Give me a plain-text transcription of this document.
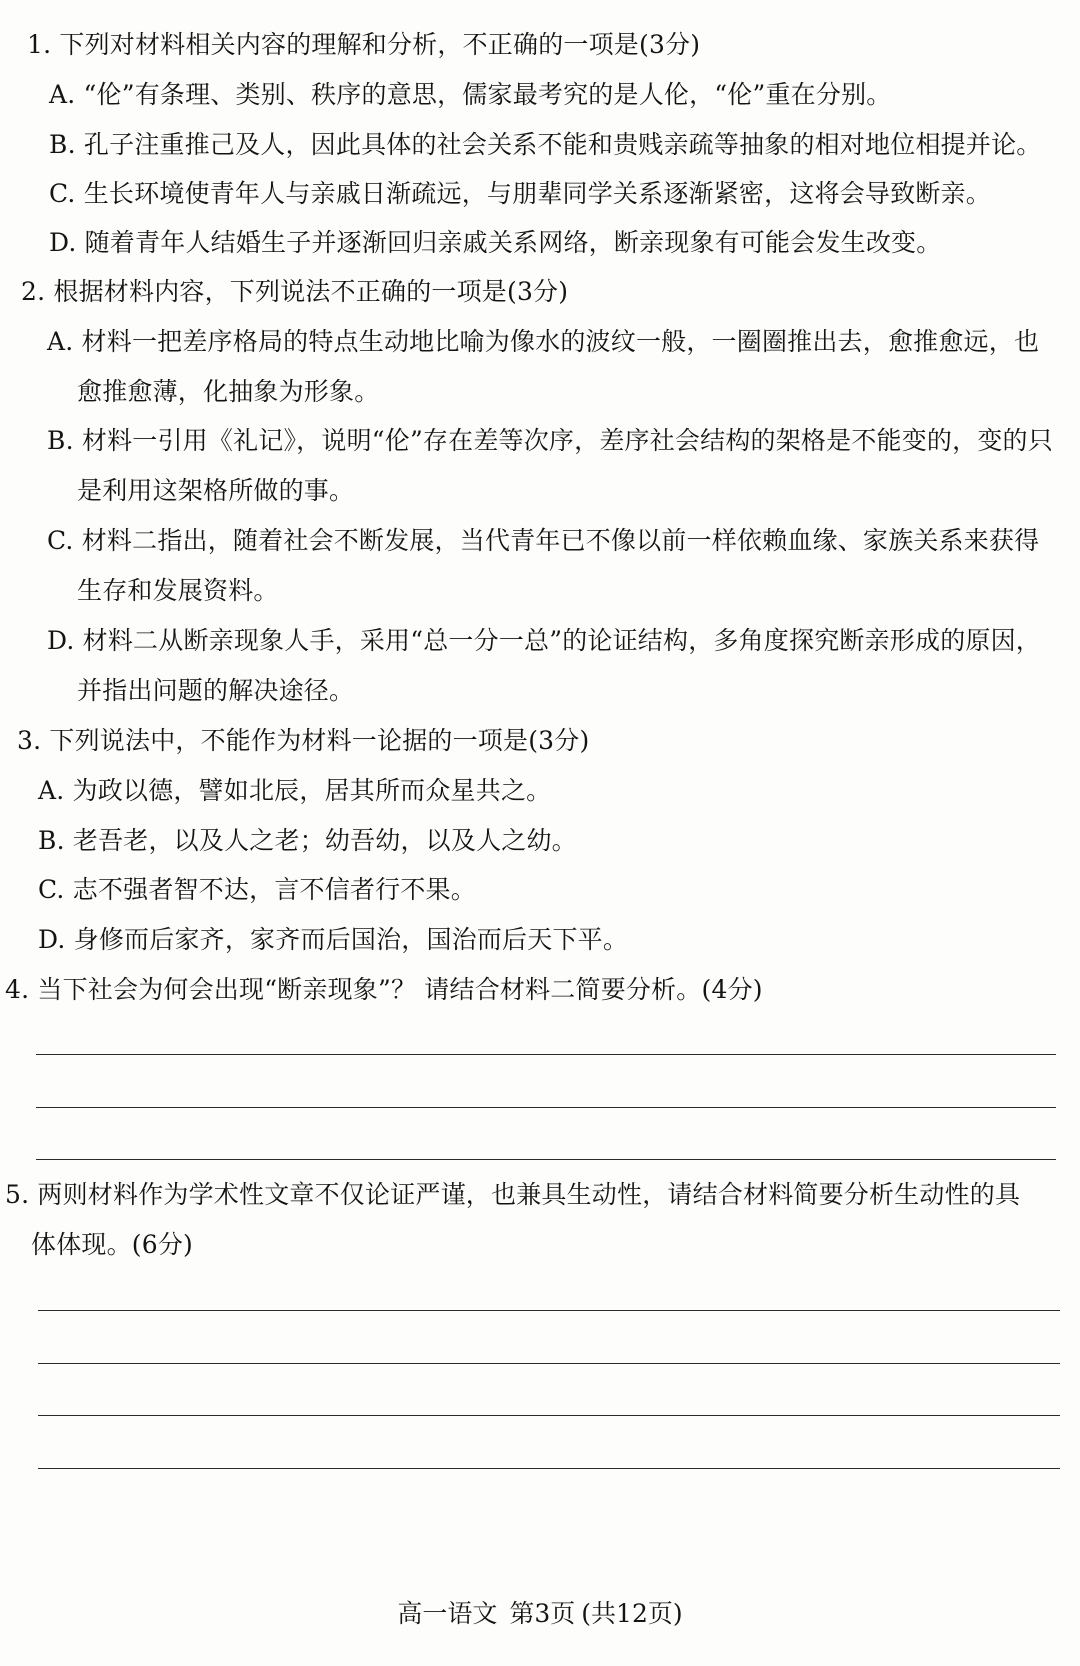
1. 下列对材料相关内容的理解和分析，不正确的一项是(3分)
A. “伦”有条理、类别、秩序的意思，儒家最考究的是人伦，“伦”重在分别。
B. 孔子注重推己及人，因此具体的社会关系不能和贵贱亲疏等抽象的相对地位相提并论。
C. 生长环境使青年人与亲戚日渐疏远，与朋辈同学关系逐渐紧密，这将会导致断亲。
D. 随着青年人结婚生子并逐渐回归亲戚关系网络，断亲现象有可能会发生改变。
2. 根据材料内容，下列说法不正确的一项是(3分)
A. 材料一把差序格局的特点生动地比喻为像水的波纹一般，一圈圈推出去，愈推愈远，也
愈推愈薄，化抽象为形象。
B. 材料一引用《礼记》，说明“伦”存在差等次序，差序社会结构的架格是不能变的，变的只
是利用这架格所做的事。
C. 材料二指出，随着社会不断发展，当代青年已不像以前一样依赖血缘、家族关系来获得
生存和发展资料。
D. 材料二从断亲现象人手，采用“总一分一总”的论证结构，多角度探究断亲形成的原因，
并指出问题的解决途径。
3. 下列说法中，不能作为材料一论据的一项是(3分)
A. 为政以德，譬如北辰，居其所而众星共之。
B. 老吾老，以及人之老；幼吾幼，以及人之幼。
C. 志不强者智不达，言不信者行不果。
D. 身修而后家齐，家齐而后国治，国治而后天下平。
4. 当下社会为何会出现“断亲现象”？ 请结合材料二简要分析。(4分)
5. 两则材料作为学术性文章不仅论证严谨，也兼具生动性，请结合材料简要分析生动性的具
体体现。(6分)
高一语文 第3页 (共12页)
